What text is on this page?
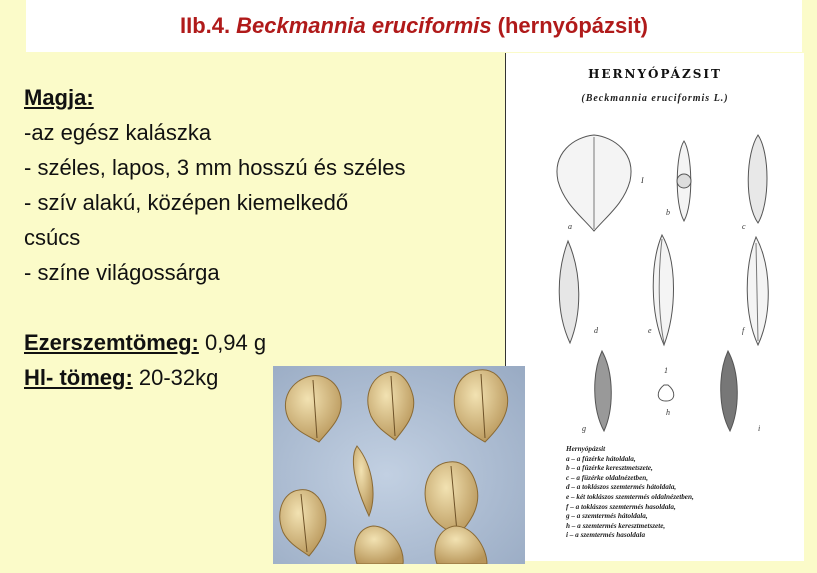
IIb.4. Beckmannia eruciformis (hernyópázsit)
Magja:
-az egész kalászka
- széles, lapos, 3 mm hosszú és széles
- szív alakú, középen kiemelkedő
csúcs
- színe világossárga
Ezerszemtömeg: 0,94 g
Hl- tömeg: 20-32kg
HERNYÓPÁZSIT
(Beckmannia eruciformis L.)
a
b
c
d	e	f
g
h
i
I
1
Hernyópázsit
a – a füzérke hátoldala,
b – a füzérke keresztmetszete,
c – a füzérke oldalnézetben,
d – a toklászos szemtermés hátoldala,
e – két toklászos szemtermés oldalnézetben,
f – a toklászos szemtermés hasoldala,
g – a szemtermés hátoldala,
h – a szemtermés keresztmetszete,
i – a szemtermés hasoldala
